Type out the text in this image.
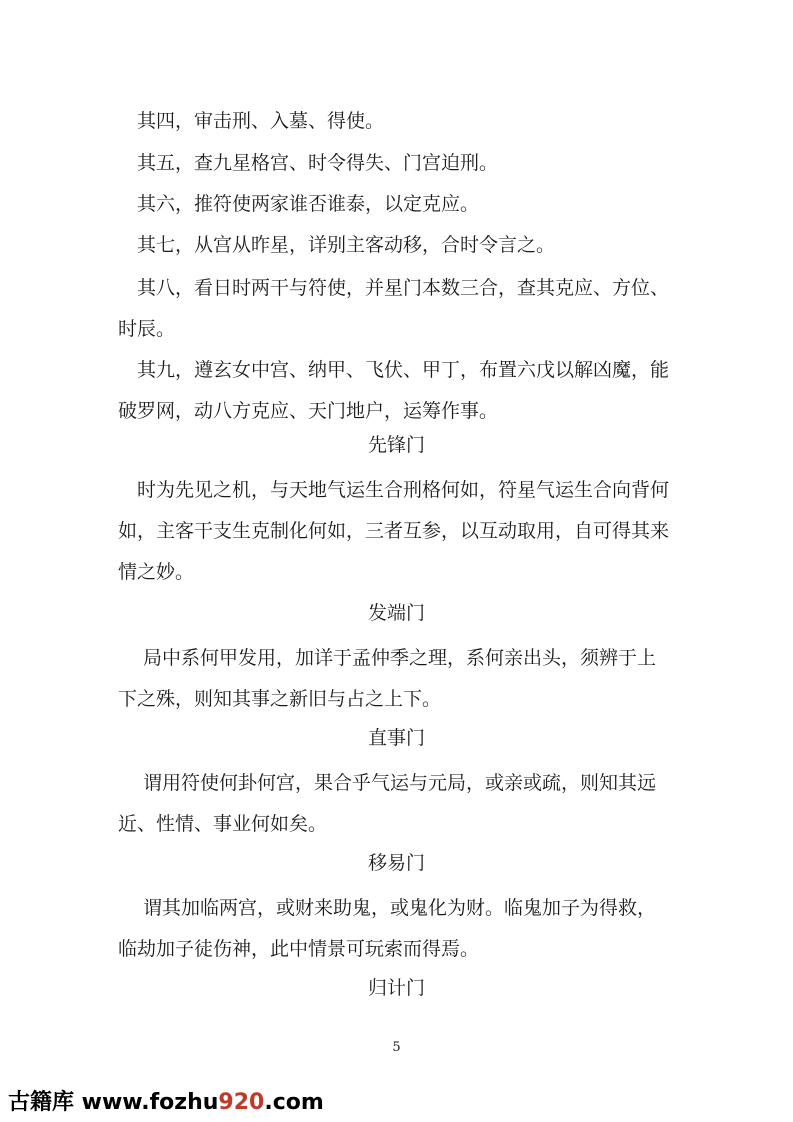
　其四，审击刑、入墓、得使。
　其五，查九星格宫、时令得失、门宫迫刑。
　其六，推符使两家谁否谁泰，以定克应。
　其七，从宫从昨星，详别主客动移，合时令言之。
　其八，看日时两干与符使，并星门本数三合，查其克应、方位、
时辰。
　其九，遵玄女中宫、纳甲、飞伏、甲丁，布置六戊以解凶魔，能
破罗网，动八方克应、天门地户，运筹作事。
先锋门
　时为先见之机，与天地气运生合刑格何如，符星气运生合向背何
如，主客干支生克制化何如，三者互参，以互动取用，自可得其来
情之妙。
发端门
　 局中系何甲发用，加详于孟仲季之理，系何亲出头，须辨于上
下之殊，则知其事之新旧与占之上下。
直事门
　 谓用符使何卦何宫，果合乎气运与元局，或亲或疏，则知其远
近、性情、事业何如矣。
移易门
　 谓其加临两宫，或财来助鬼，或鬼化为财。临鬼加子为得救，
临劫加子徒伤神，此中情景可玩索而得焉。
归计门
5
古籍库 www.fozhu920.com
